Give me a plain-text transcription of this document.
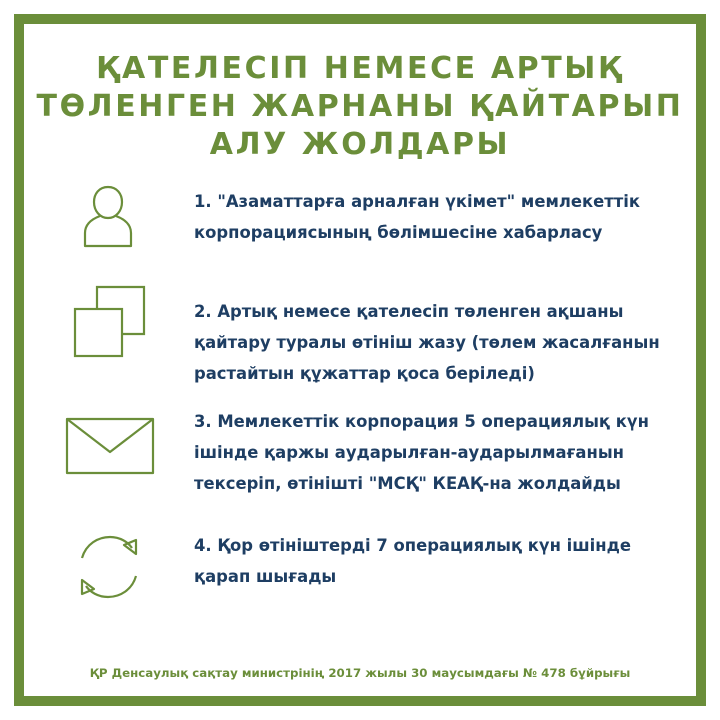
ҚАТЕЛЕСІП НЕМЕСЕ АРТЫҚ
ТӨЛЕНГЕН ЖАРНАНЫ ҚАЙТАРЫП
АЛУ ЖОЛДАРЫ
1. "Азаматтарға арналған үкімет" мемлекеттік
корпорациясының бөлімшесіне хабарласу
2. Артық немесе қателесіп төленген ақшаны
қайтару туралы өтініш жазу (төлем жасалғанын
растайтын құжаттар қоса беріледі)
3. Мемлекеттік корпорация 5 операциялық күн
ішінде қаржы аударылған-аударылмағанын
тексеріп, өтінішті "МСҚ" КЕАҚ-на жолдайды
4. Қор өтініштерді 7 операциялық күн ішінде
қарап шығады
ҚР Денсаулық сақтау министрінің 2017 жылы 30 маусымдағы № 478 бұйрығы
